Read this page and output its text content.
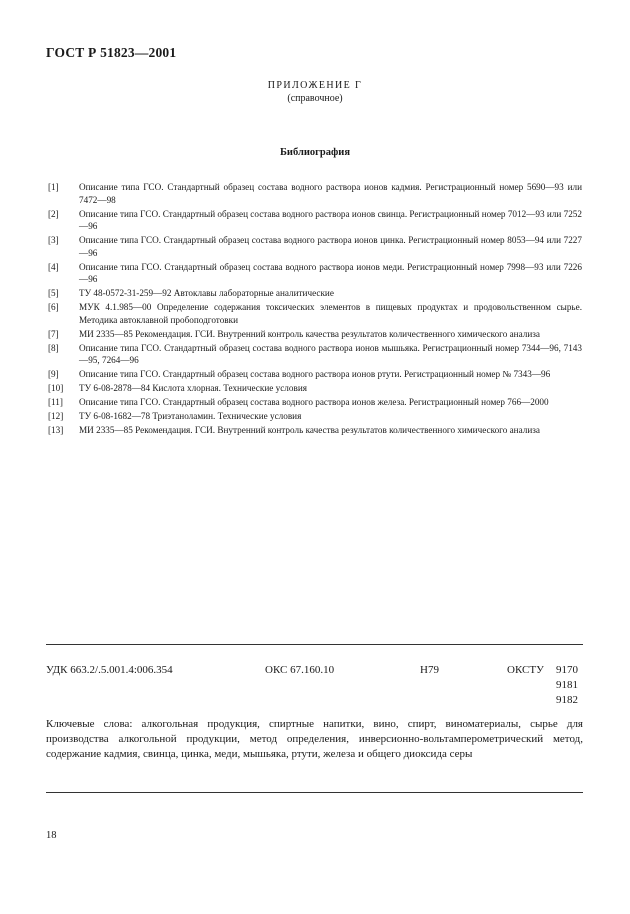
ГОСТ Р 51823—2001
ПРИЛОЖЕНИЕ Г
(справочное)
Библиография
[1]	Описание типа ГСО. Стандартный образец состава водного раствора ионов кадмия. Регистрационный номер 5690—93 или 7472—98
[2]	Описание типа ГСО. Стандартный образец состава водного раствора ионов свинца. Регистрационный номер 7012—93 или 7252—96
[3]	Описание типа ГСО. Стандартный образец состава водного раствора ионов цинка. Регистрационный номер 8053—94 или 7227—96
[4]	Описание типа ГСО. Стандартный образец состава водного раствора ионов меди. Регистрационный номер 7998—93 или 7226—96
[5]	ТУ 48-0572-31-259—92 Автоклавы лабораторные аналитические
[6]	МУК 4.1.985—00 Определение содержания токсических элементов в пищевых продуктах и продовольственном сырье. Методика автоклавной пробоподготовки
[7]	МИ 2335—85 Рекомендация. ГСИ. Внутренний контроль качества результатов количественного химического анализа
[8]	Описание типа ГСО. Стандартный образец состава водного раствора ионов мышьяка. Регистрационный номер 7344—96, 7143—95, 7264—96
[9]	Описание типа ГСО. Стандартный образец состава водного раствора ионов ртути. Регистрационный номер № 7343—96
[10]	ТУ 6-08-2878—84 Кислота хлорная. Технические условия
[11]	Описание типа ГСО. Стандартный образец состава водного раствора ионов железа. Регистрационный номер 766—2000
[12]	ТУ 6-08-1682—78 Триэтаноламин. Технические условия
[13]	МИ 2335—85 Рекомендация. ГСИ. Внутренний контроль качества результатов количественного химического анализа
УДК 663.2/.5.001.4:006.354	ОКС 67.160.10	Н79	ОКСТУ 9170
9181
9182
Ключевые слова: алкогольная продукция, спиртные напитки, вино, спирт, виноматериалы, сырье для производства алкогольной продукции, метод определения, инверсионно-вольтамперометрический метод, содержание кадмия, свинца, цинка, меди, мышьяка, ртути, железа и общего диоксида серы
18
